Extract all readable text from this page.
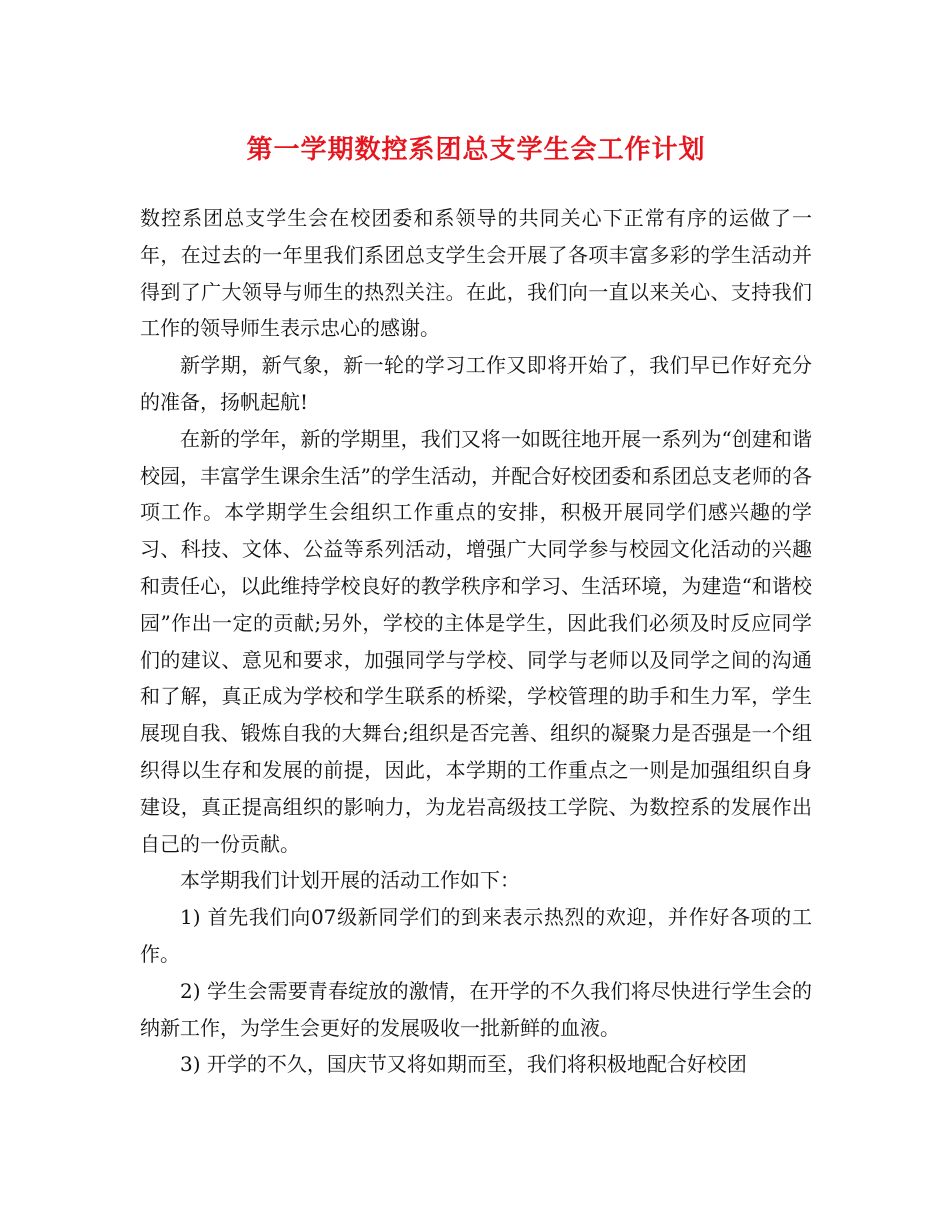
第一学期数控系团总支学生会工作计划

数控系团总支学生会在校团委和系领导的共同关心下正常有序的运做了一年，在过去的一年里我们系团总支学生会开展了各项丰富多彩的学生活动并得到了广大领导与师生的热烈关注。在此，我们向一直以来关心、支持我们工作的领导师生表示忠心的感谢。

新学期，新气象，新一轮的学习工作又即将开始了，我们早已作好充分的准备，扬帆起航!

在新的学年，新的学期里，我们又将一如既往地开展一系列为“创建和谐校园，丰富学生课余生活”的学生活动，并配合好校团委和系团总支老师的各项工作。本学期学生会组织工作重点的安排，积极开展同学们感兴趣的学习、科技、文体、公益等系列活动，增强广大同学参与校园文化活动的兴趣和责任心，以此维持学校良好的教学秩序和学习、生活环境，为建造“和谐校园”作出一定的贡献;另外，学校的主体是学生，因此我们必须及时反应同学们的建议、意见和要求，加强同学与学校、同学与老师以及同学之间的沟通和了解，真正成为学校和学生联系的桥梁，学校管理的助手和生力军，学生展现自我、锻炼自我的大舞台;组织是否完善、组织的凝聚力是否强是一个组织得以生存和发展的前提，因此，本学期的工作重点之一则是加强组织自身建设，真正提高组织的影响力，为龙岩高级技工学院、为数控系的发展作出自己的一份贡献。

本学期我们计划开展的活动工作如下：

1) 首先我们向07级新同学们的到来表示热烈的欢迎，并作好各项的工作。

2) 学生会需要青春绽放的激情，在开学的不久我们将尽快进行学生会的纳新工作，为学生会更好的发展吸收一批新鲜的血液。

3) 开学的不久，国庆节又将如期而至，我们将积极地配合好校团
